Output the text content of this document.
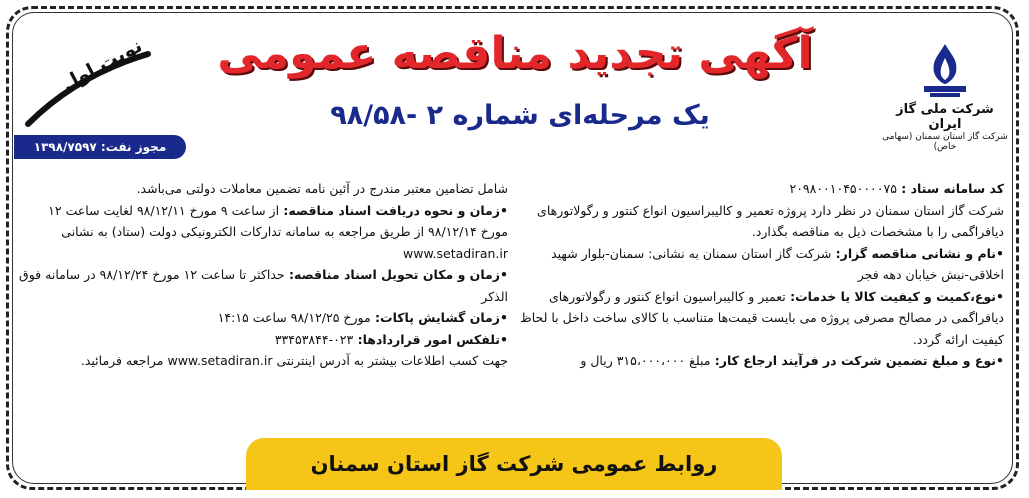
شرکت ملی گاز ایران
شرکت گاز استان سمنان (سهامی خاص)
آگهی تجدید مناقصه عمومی
یک مرحله‌ای شماره ۲ -۹۸/۵۸
نوبت اول
مجوز نفت: ۱۳۹۸/۷۵۹۷

کد سامانه ستاد : ۲۰۹۸۰۰۱۰۴۵۰۰۰۰۷۵

شرکت گاز استان سمنان در نظر دارد پروژه تعمیر و کالیبراسیون انواع کنتور و رگولاتورهای دیافراگمی را با مشخصات ذیل به مناقصه بگذارد.

•نام و نشانی مناقصه گزار: شرکت گاز استان سمنان به نشانی: سمنان-بلوار شهید اخلاقی-نبش خیابان دهه فجر

•نوع،کمیت و کیفیت کالا یا خدمات: تعمیر و کالیبراسیون انواع کنتور و رگولاتورهای دیافراگمی در مصالح مصرفی پروژه می بایست قیمت‌ها متناسب با کالای ساخت داخل با لحاظ کیفیت ارائه گردد.

•نوع و مبلغ تضمین شرکت در فرآیند ارجاع کار: مبلغ ۳۱۵،۰۰۰،۰۰۰ ریال و

شامل تضامین معتبر مندرج در آئین نامه تضمین معاملات دولتی می‌باشد.

•زمان و نحوه دریافت اسناد مناقصه: از ساعت ۹ مورخ ۹۸/۱۲/۱۱ لغایت ساعت ۱۲ مورخ ۹۸/۱۲/۱۴ از طریق مراجعه به سامانه تدارکات الکترونیکی دولت (ستاد) به نشانی www.setadiran.ir

•زمان و مکان تحویل اسناد مناقصه: حداکثر تا ساعت ۱۲ مورخ ۹۸/۱۲/۲۴ در سامانه فوق الذکر

•زمان گشایش پاکات: مورخ ۹۸/۱۲/۲۵ ساعت ۱۴:۱۵

•تلفکس امور قراردادها: ۰۲۳-۳۳۴۵۳۸۴۴

جهت کسب اطلاعات بیشتر به آدرس اینترنتی www.setadiran.ir مراجعه فرمائید.

روابط عمومی شرکت گاز استان سمنان
